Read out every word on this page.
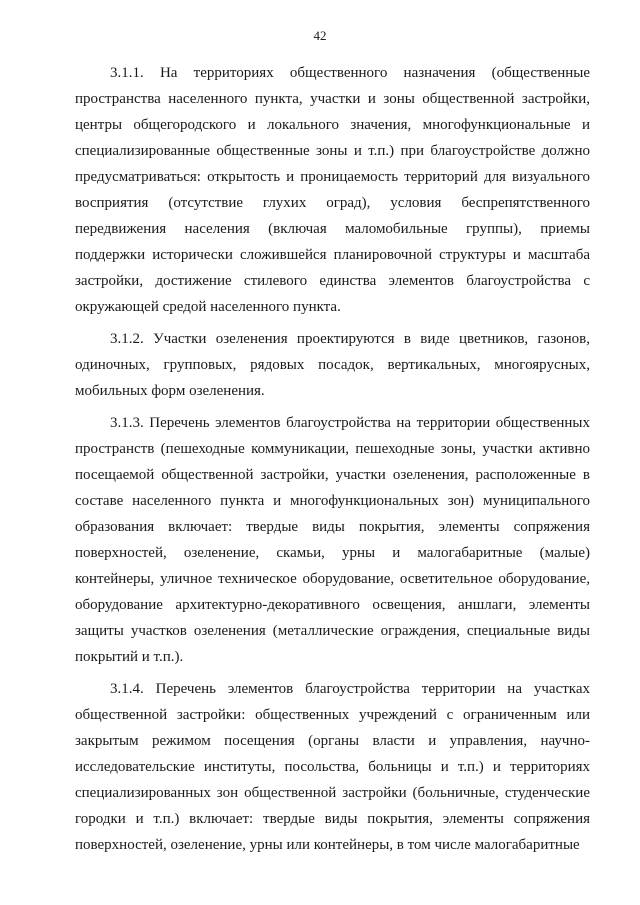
42

3.1.1. На территориях общественного назначения (общественные пространства населенного пункта, участки и зоны общественной застройки, центры общегородского и локального значения, многофункциональные и специализированные общественные зоны и т.п.) при благоустройстве должно предусматриваться: открытость и проницаемость территорий для визуального восприятия (отсутствие глухих оград), условия беспрепятственного передвижения населения (включая маломобильные группы), приемы поддержки исторически сложившейся планировочной структуры и масштаба застройки, достижение стилевого единства элементов благоустройства с окружающей средой населенного пункта.

3.1.2. Участки озеленения проектируются в виде цветников, газонов, одиночных, групповых, рядовых посадок, вертикальных, многоярусных, мобильных форм озеленения.

3.1.3. Перечень элементов благоустройства на территории общественных пространств (пешеходные коммуникации, пешеходные зоны, участки активно посещаемой общественной застройки, участки озеленения, расположенные в составе населенного пункта и многофункциональных зон) муниципального образования включает: твердые виды покрытия, элементы сопряжения поверхностей, озеленение, скамьи, урны и малогабаритные (малые) контейнеры, уличное техническое оборудование, осветительное оборудование, оборудование архитектурно-декоративного освещения, аншлаги, элементы защиты участков озеленения (металлические ограждения, специальные виды покрытий и т.п.).

3.1.4. Перечень элементов благоустройства территории на участках общественной застройки: общественных учреждений с ограниченным или закрытым режимом посещения (органы власти и управления, научно-исследовательские институты, посольства, больницы и т.п.) и территориях специализированных зон общественной застройки (больничные, студенческие городки и т.п.) включает: твердые виды покрытия, элементы сопряжения поверхностей, озеленение, урны или контейнеры, в том числе малогабаритные
